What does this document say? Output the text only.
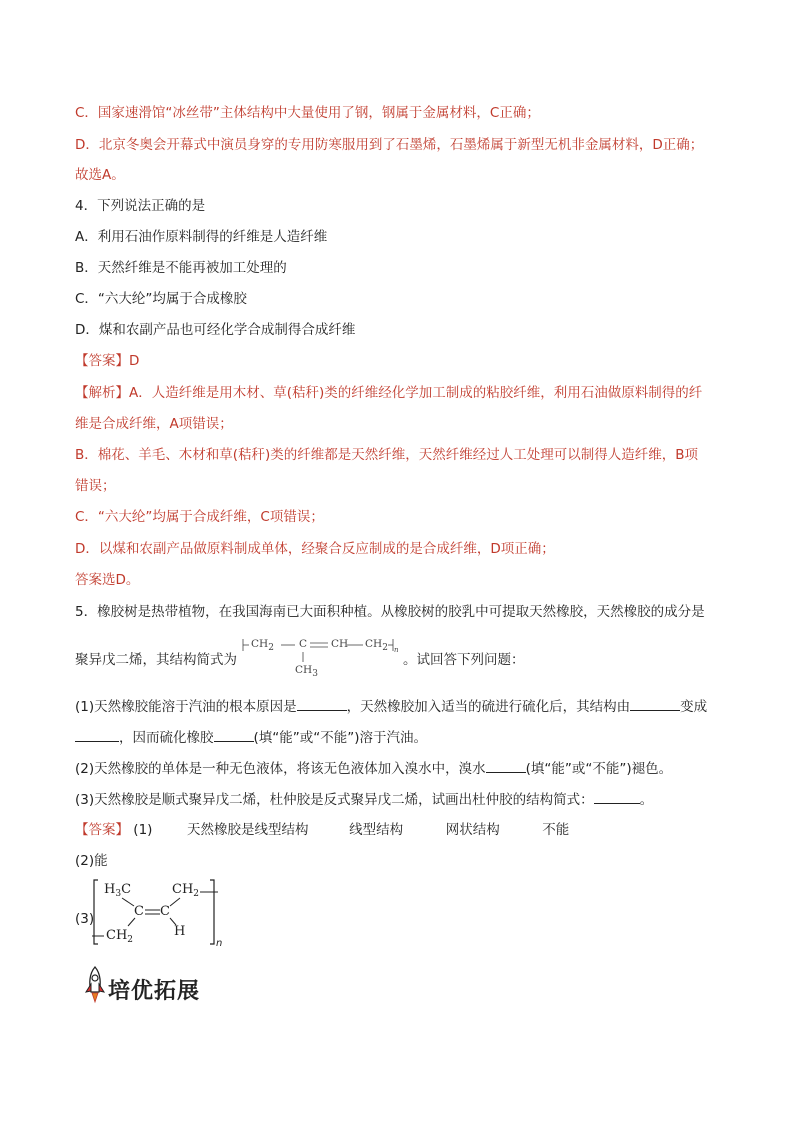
C．国家速滑馆“冰丝带”主体结构中大量使用了钢，钢属于金属材料，C正确；
D．北京冬奥会开幕式中演员身穿的专用防寒服用到了石墨烯，石墨烯属于新型无机非金属材料，D正确；
故选A。
4．下列说法正确的是
A．利用石油作原料制得的纤维是人造纤维
B．天然纤维是不能再被加工处理的
C．“六大纶”均属于合成橡胶
D．煤和农副产品也可经化学合成制得合成纤维
【答案】D
【解析】A．人造纤维是用木材、草(秸秆)类的纤维经化学加工制成的粘胶纤维，利用石油做原料制得的纤
维是合成纤维，A项错误；
B．棉花、羊毛、木材和草(秸秆)类的纤维都是天然纤维，天然纤维经过人工处理可以制得人造纤维，B项
错误；
C．“六大纶”均属于合成纤维，C项错误；
D．以煤和农副产品做原料制成单体，经聚合反应制成的是合成纤维，D项正确；
答案选D。
5．橡胶树是热带植物，在我国海南已大面积种植。从橡胶树的胶乳中可提取天然橡胶，天然橡胶的成分是
聚异戊二烯，其结构简式为	。试回答下列问题：
CH2 C CH CH2 n
CH3
(1)天然橡胶能溶于汽油的根本原因是	，天然橡胶加入适当的硫进行硫化后，其结构由	变成
，因而硫化橡胶	(填“能”或“不能”)溶于汽油。
(2)天然橡胶的单体是一种无色液体，将该无色液体加入溴水中，溴水	(填“能”或“不能”)褪色。
(3)天然橡胶是顺式聚异戊二烯，杜仲胶是反式聚异戊二烯，试画出杜仲胶的结构简式：	。
【答案】 (1)	天然橡胶是线型结构	线型结构	网状结构	不能
(2)能
(3)
$H_3C$	$CH_2$
C C
$CH_2$
H
n
培优拓展
